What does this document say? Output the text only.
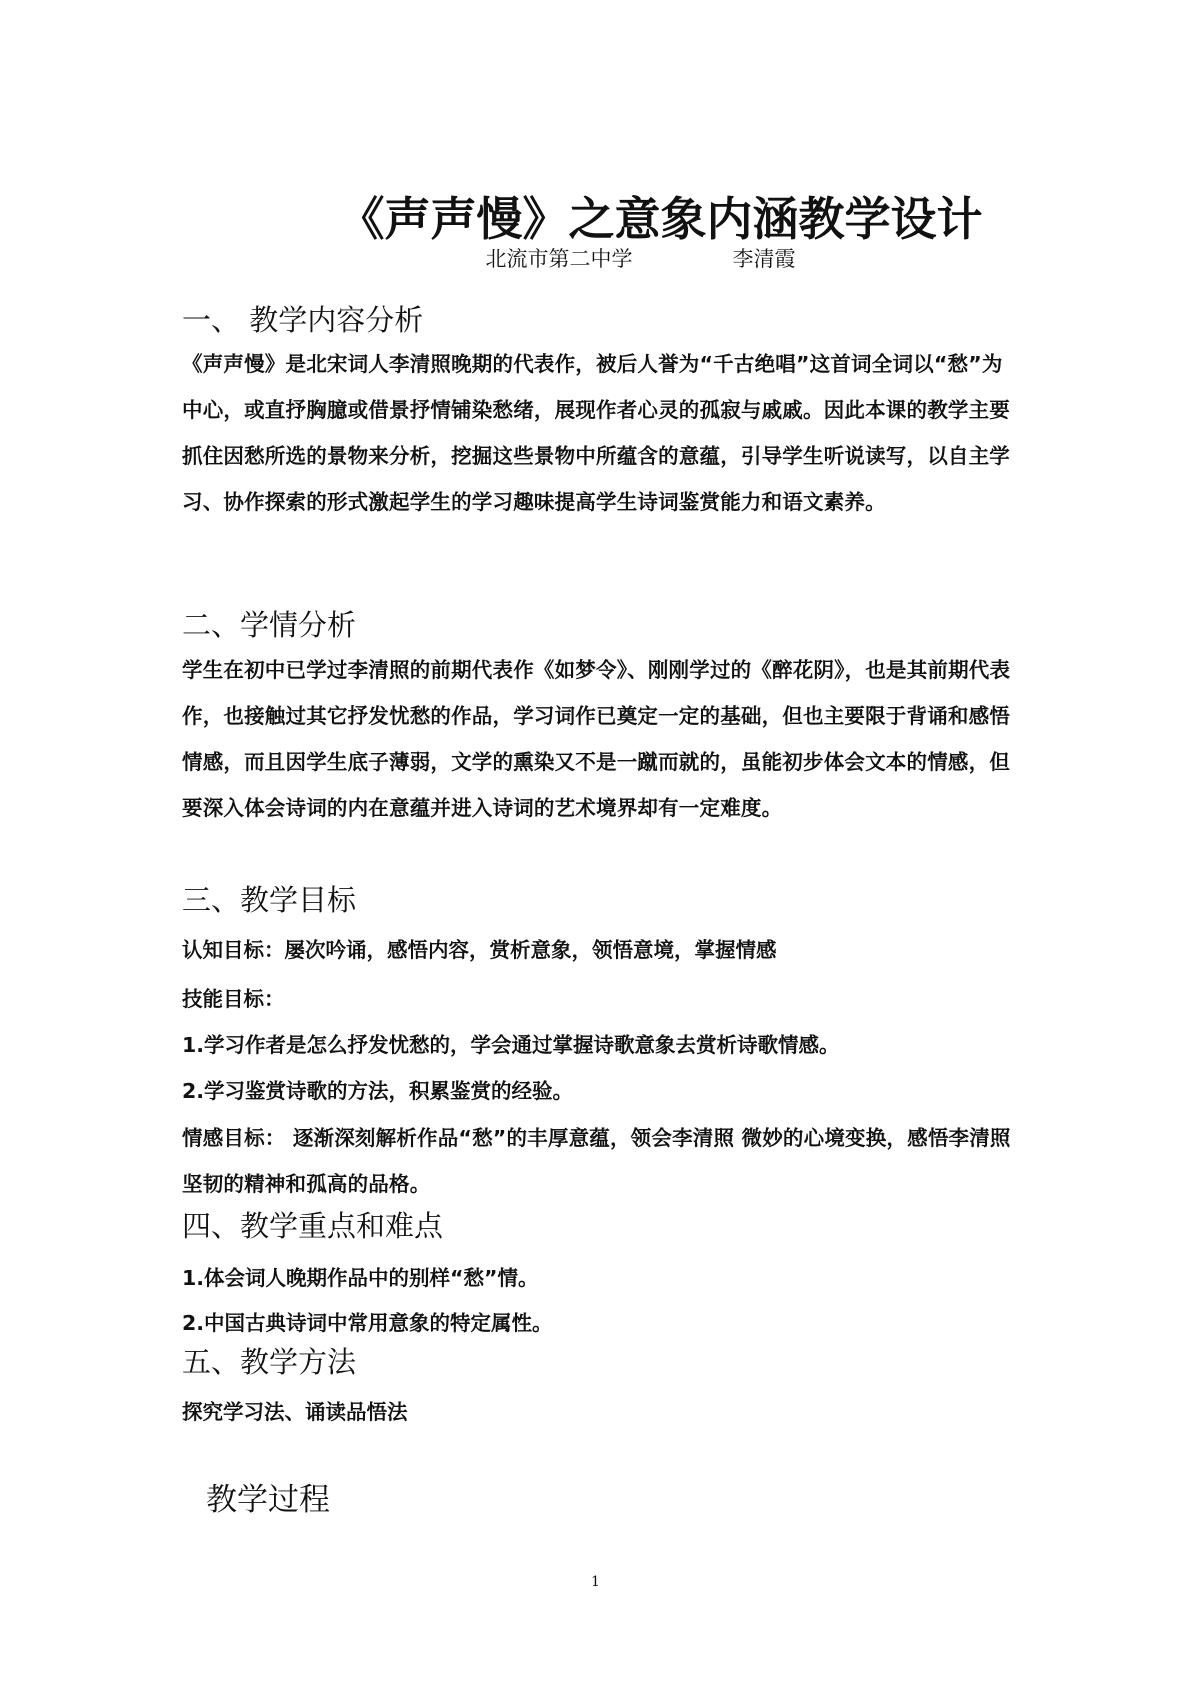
《声声慢》之意象内涵教学设计
北流市第二中学	李清霞
一、 教学内容分析

《声声慢》是北宋词人李清照晚期的代表作，被后人誉为“千古绝唱”这首词全词以“愁”为中心，或直抒胸臆或借景抒情铺染愁绪，展现作者心灵的孤寂与戚戚。因此本课的教学主要抓住因愁所选的景物来分析，挖掘这些景物中所蕴含的意蕴，引导学生听说读写，以自主学习、协作探索的形式激起学生的学习趣味提高学生诗词鉴赏能力和语文素养。

二、学情分析

学生在初中已学过李清照的前期代表作《如梦令》、刚刚学过的《醉花阴》，也是其前期代表作，也接触过其它抒发忧愁的作品，学习词作已奠定一定的基础，但也主要限于背诵和感悟情感，而且因学生底子薄弱，文学的熏染又不是一蹴而就的，虽能初步体会文本的情感，但要深入体会诗词的内在意蕴并进入诗词的艺术境界却有一定难度。

三、教学目标

认知目标：屡次吟诵，感悟内容，赏析意象，领悟意境，掌握情感

技能目标：

1.学习作者是怎么抒发忧愁的，学会通过掌握诗歌意象去赏析诗歌情感。

2.学习鉴赏诗歌的方法，积累鉴赏的经验。

情感目标： 逐渐深刻解析作品“愁”的丰厚意蕴，领会李清照 微妙的心境变换，感悟李清照坚韧的精神和孤高的品格。

四、教学重点和难点

1.体会词人晚期作品中的别样“愁”情。

2.中国古典诗词中常用意象的特定属性。

五、教学方法

探究学习法、诵读品悟法

教学过程
1
